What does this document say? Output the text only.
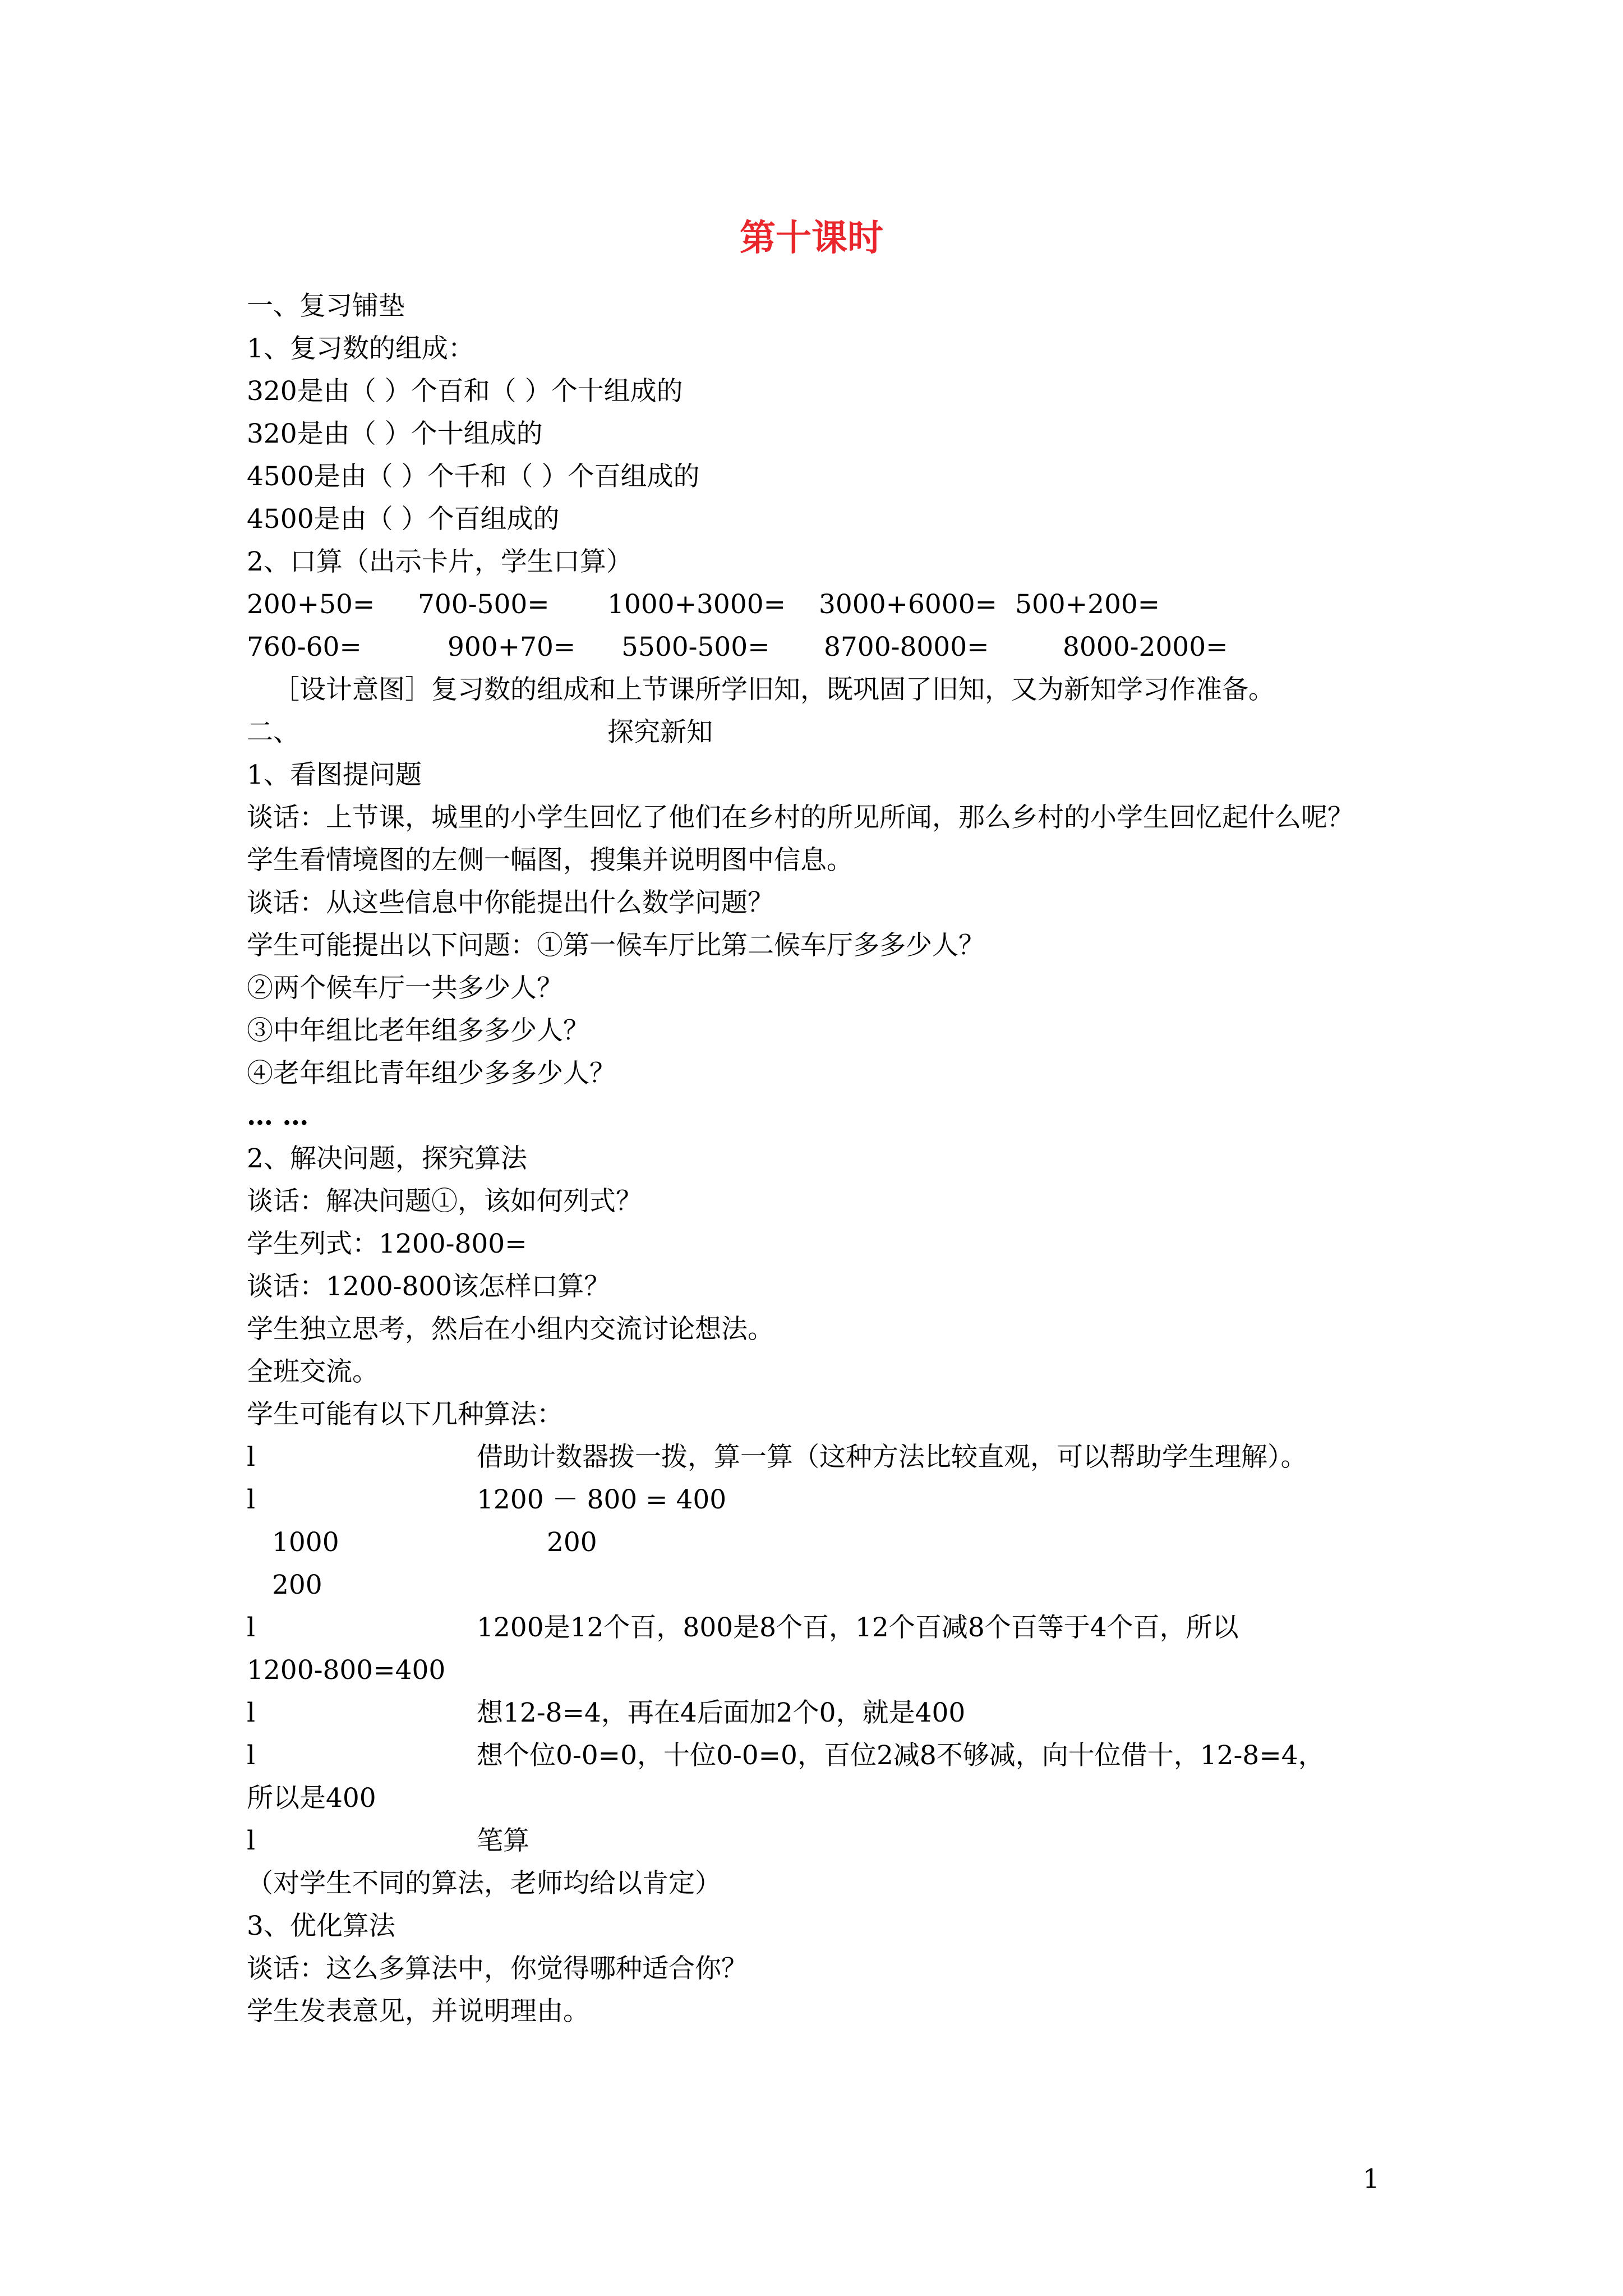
第十课时
一、复习铺垫
1、复习数的组成：
320是由（ ）个百和（ ）个十组成的
320是由（ ）个十组成的
4500是由（ ）个千和（ ）个百组成的
4500是由（ ）个百组成的
2、口算（出示卡片，学生口算）
200+50= 700-500= 1000+3000= 3000+6000= 500+200=
760-60=	900+70= 5500-500= 8700-8000=	8000-2000=
［设计意图］复习数的组成和上节课所学旧知，既巩固了旧知，又为新知学习作准备。
二、	探究新知
1、看图提问题
谈话：上节课，城里的小学生回忆了他们在乡村的所见所闻，那么乡村的小学生回忆起什么呢？
学生看情境图的左侧一幅图，搜集并说明图中信息。
谈话：从这些信息中你能提出什么数学问题？
学生可能提出以下问题：①第一候车厅比第二候车厅多多少人？
②两个候车厅一共多少人？
③中年组比老年组多多少人？
④老年组比青年组少多多少人？
… …
2、解决问题，探究算法
谈话：解决问题①，该如何列式？
学生列式：1200-800=
谈话：1200-800该怎样口算？
学生独立思考，然后在小组内交流讨论想法。
全班交流。
学生可能有以下几种算法：
l	借助计数器拨一拨，算一算（这种方法比较直观，可以帮助学生理解）。
l	1200 － 800 = 400
1000	200
200
l	1200是12个百，800是8个百，12个百减8个百等于4个百，所以
1200-800=400
l	想12-8=4，再在4后面加2个0，就是400
l	想个位0-0=0，十位0-0=0，百位2减8不够减，向十位借十，12-8=4，
所以是400
l	笔算
（对学生不同的算法，老师均给以肯定）
3、优化算法
谈话：这么多算法中，你觉得哪种适合你？
学生发表意见，并说明理由。
1
